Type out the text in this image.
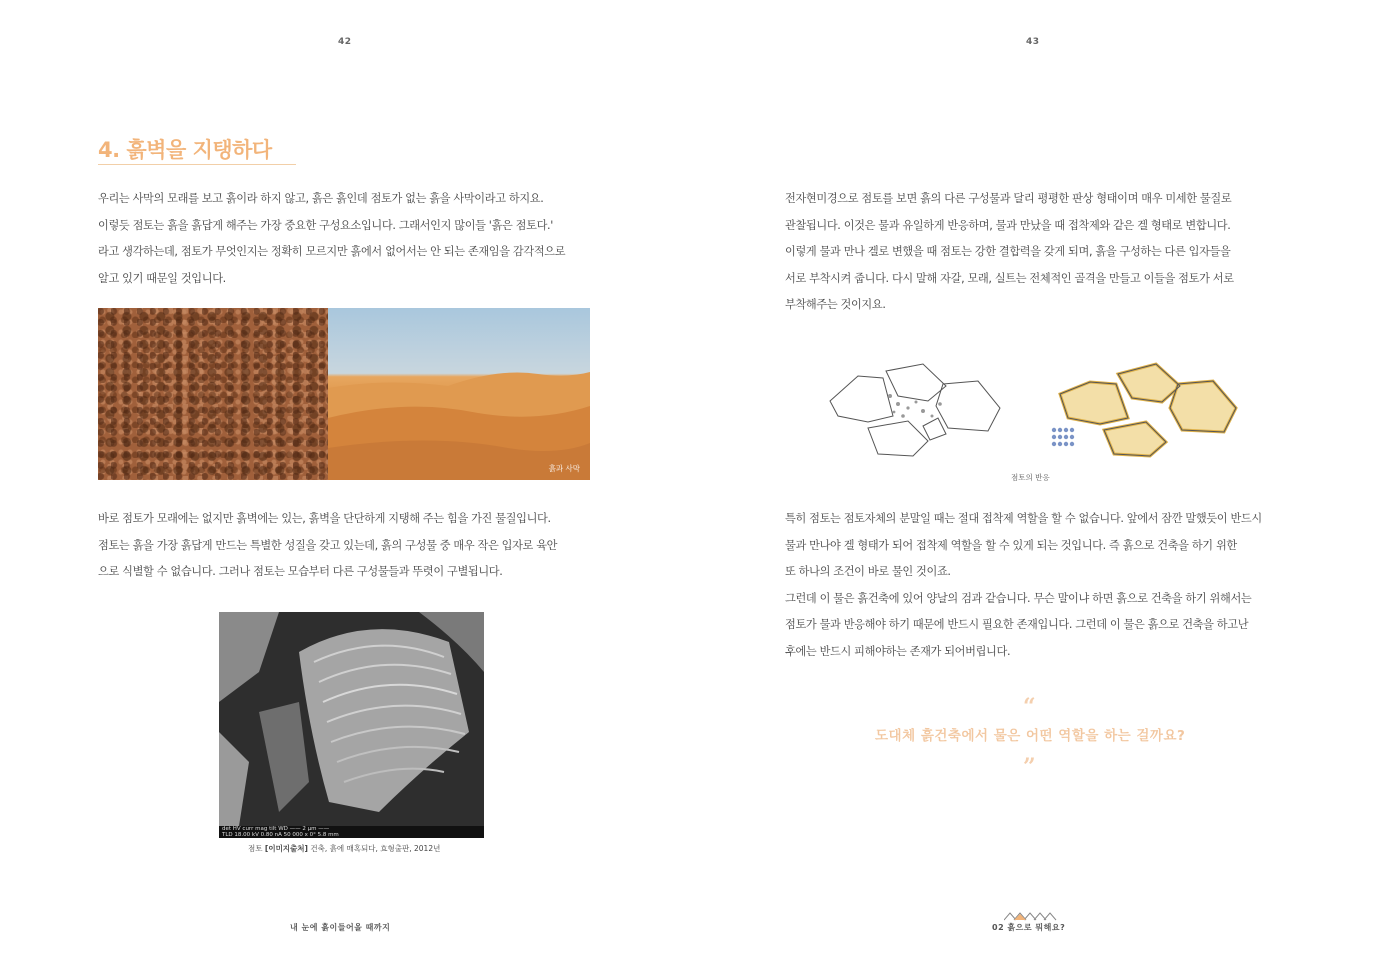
42
4. 흙벽을 지탱하다
우리는 사막의 모래를 보고 흙이라 하지 않고, 흙은 흙인데 점토가 없는 흙을 사막이라고 하지요.
이렇듯 점토는 흙을 흙답게 해주는 가장 중요한 구성요소입니다. 그래서인지 많이들 '흙은 점토다.'
라고 생각하는데, 점토가 무엇인지는 정확히 모르지만 흙에서 없어서는 안 되는 존재임을 감각적으로
알고 있기 때문일 것입니다.
흙과 사막
바로 점토가 모래에는 없지만 흙벽에는 있는, 흙벽을 단단하게 지탱해 주는 힘을 가진 물질입니다.
점토는 흙을 가장 흙답게 만드는 특별한 성질을 갖고 있는데, 흙의 구성물 중 매우 작은 입자로 육안
으로 식별할 수 없습니다. 그러나 점토는 모습부터 다른 구성물들과 뚜렷이 구별됩니다.
det HV curr mag tilt WD —— 2 μm ——
TLD 18.00 kV 0.80 nA 50 000 x 0° 5.8 mm
점토 [이미지출처] 건축, 흙에 매혹되다, 효형출판, 2012년
내 눈에 흙이들어올 때까지
43
전자현미경으로 점토를 보면 흙의 다른 구성물과 달리 평평한 판상 형태이며 매우 미세한 물질로
관찰됩니다. 이것은 물과 유일하게 반응하며, 물과 만났을 때 접착제와 같은 겔 형태로 변합니다.
이렇게 물과 만나 겔로 변했을 때 점토는 강한 결합력을 갖게 되며, 흙을 구성하는 다른 입자들을
서로 부착시켜 줍니다. 다시 말해 자갈, 모래, 실트는 전체적인 골격을 만들고 이들을 점토가 서로
부착해주는 것이지요.
점토의 반응
특히 점토는 점토자체의 분말일 때는 절대 접착제 역할을 할 수 없습니다. 앞에서 잠깐 말했듯이 반드시
물과 만나야 겔 형태가 되어 접착제 역할을 할 수 있게 되는 것입니다. 즉 흙으로 건축을 하기 위한
또 하나의 조건이 바로 물인 것이죠.
그런데 이 물은 흙건축에 있어 양날의 검과 같습니다. 무슨 말이냐 하면 흙으로 건축을 하기 위해서는
점토가 물과 반응해야 하기 때문에 반드시 필요한 존재입니다. 그런데 이 물은 흙으로 건축을 하고난
후에는 반드시 피해야하는 존재가 되어버립니다.
“
도대체 흙건축에서 물은 어떤 역할을 하는 걸까요?
”
02 흙으로 뭐해요?
